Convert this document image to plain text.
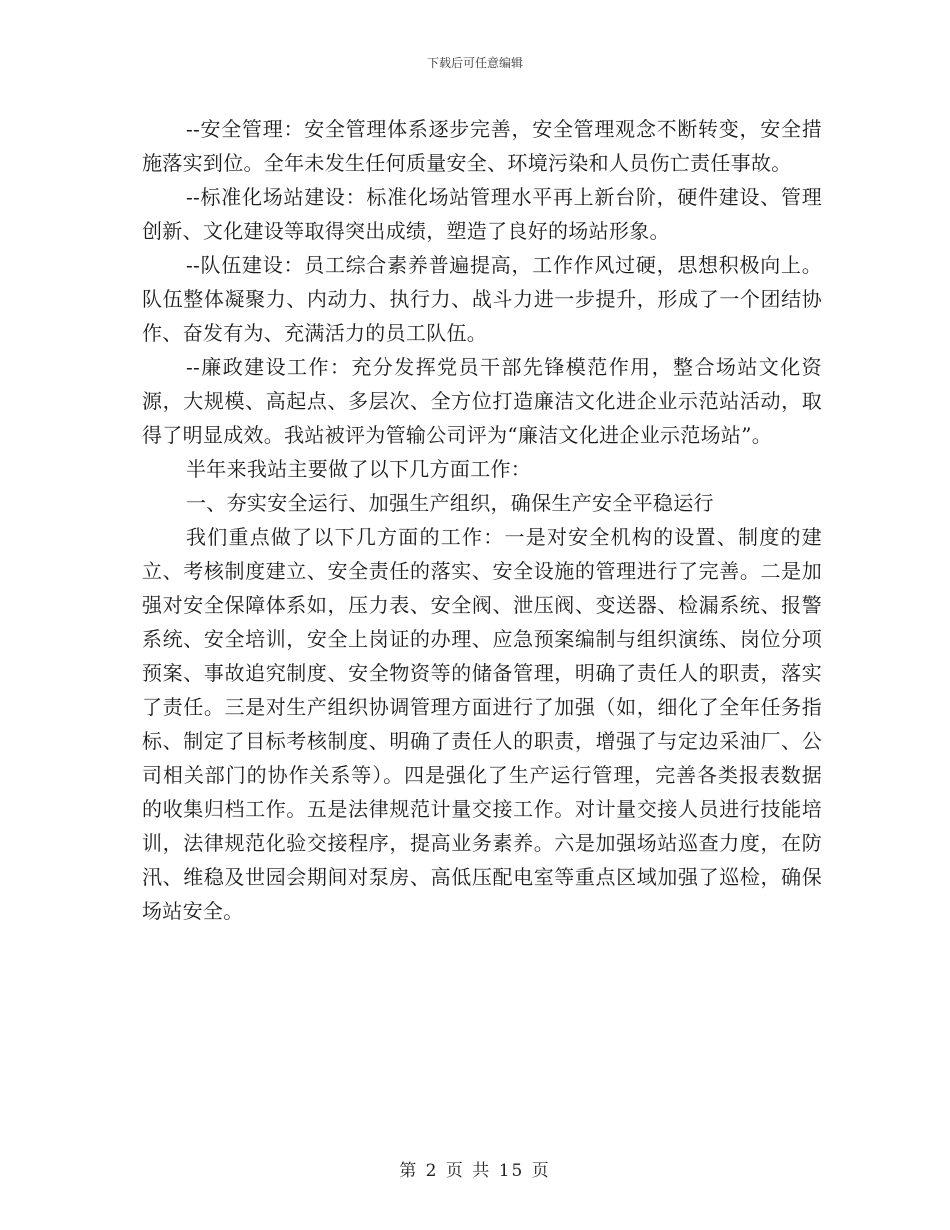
下载后可任意编辑

--安全管理：安全管理体系逐步完善，安全管理观念不断转变，安全措施落实到位。全年未发生任何质量安全、环境污染和人员伤亡责任事故。

--标准化场站建设：标准化场站管理水平再上新台阶，硬件建设、管理创新、文化建设等取得突出成绩，塑造了良好的场站形象。

--队伍建设：员工综合素养普遍提高，工作作风过硬，思想积极向上。队伍整体凝聚力、内动力、执行力、战斗力进一步提升，形成了一个团结协作、奋发有为、充满活力的员工队伍。

--廉政建设工作：充分发挥党员干部先锋模范作用，整合场站文化资源，大规模、高起点、多层次、全方位打造廉洁文化进企业示范站活动，取得了明显成效。我站被评为管输公司评为“廉洁文化进企业示范场站”。

半年来我站主要做了以下几方面工作：

一、夯实安全运行、加强生产组织，确保生产安全平稳运行

我们重点做了以下几方面的工作：一是对安全机构的设置、制度的建立、考核制度建立、安全责任的落实、安全设施的管理进行了完善。二是加强对安全保障体系如，压力表、安全阀、泄压阀、变送器、检漏系统、报警系统、安全培训，安全上岗证的办理、应急预案编制与组织演练、岗位分项预案、事故追究制度、安全物资等的储备管理，明确了责任人的职责，落实了责任。三是对生产组织协调管理方面进行了加强（如，细化了全年任务指标、制定了目标考核制度、明确了责任人的职责，增强了与定边采油厂、公司相关部门的协作关系等）。四是强化了生产运行管理，完善各类报表数据的收集归档工作。五是法律规范计量交接工作。对计量交接人员进行技能培训，法律规范化验交接程序，提高业务素养。六是加强场站巡查力度，在防汛、维稳及世园会期间对泵房、高低压配电室等重点区域加强了巡检，确保场站安全。

第 2 页 共 15 页
